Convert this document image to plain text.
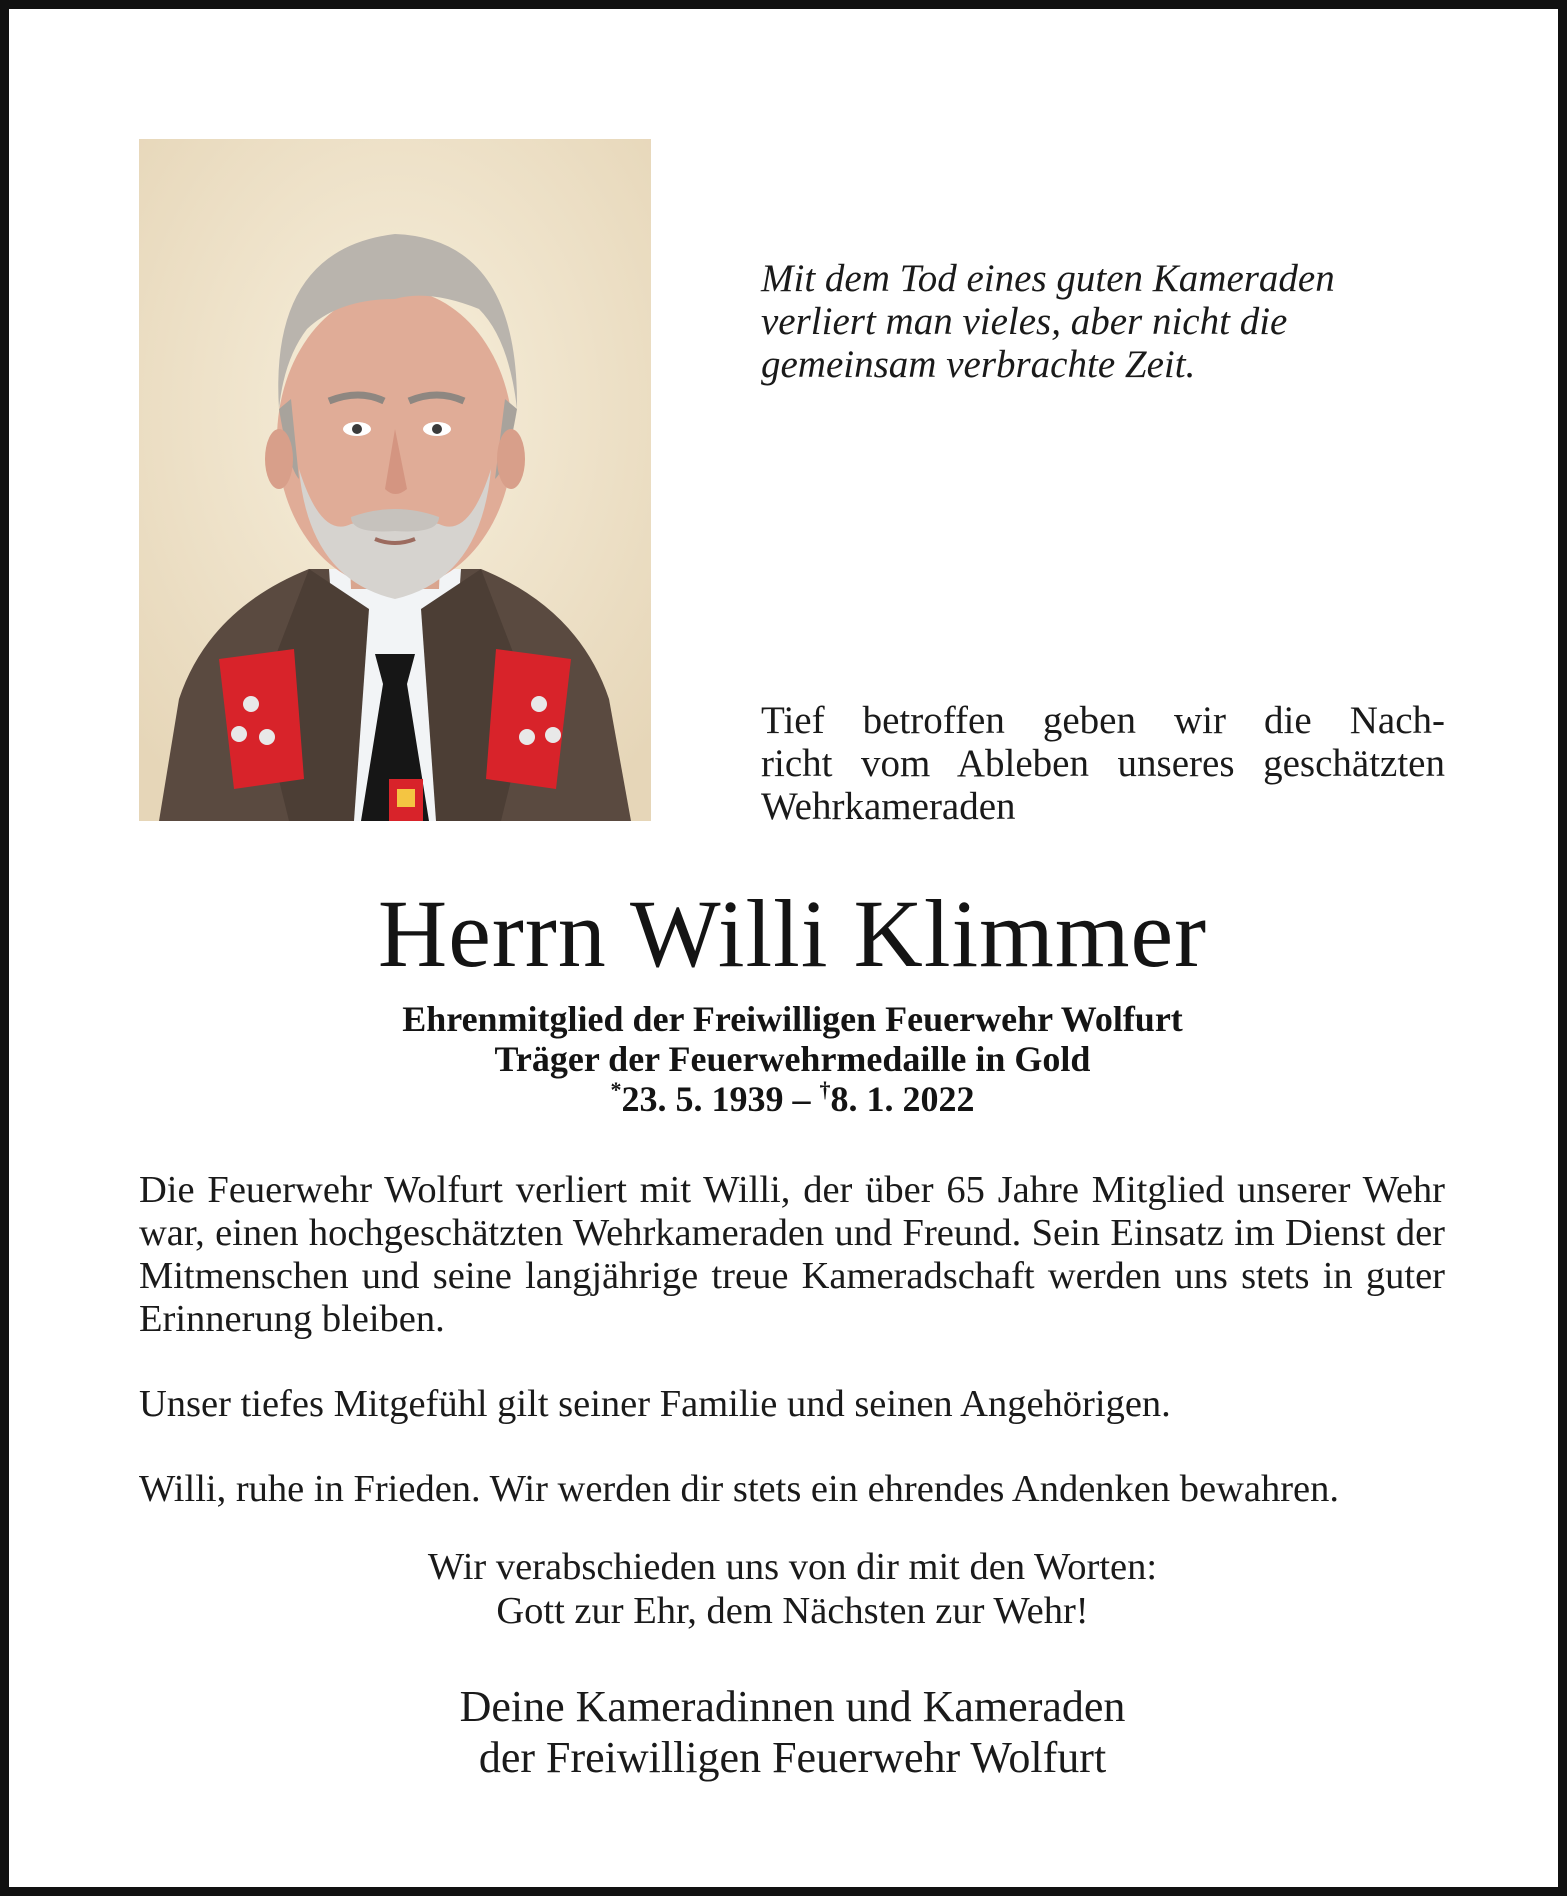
Mit dem Tod eines guten Kameraden
verliert man vieles, aber nicht die
gemeinsam verbrachte Zeit.
Tief betroffen geben wir die Nach-
richt vom Ableben unseres geschätzten
Wehrkameraden
Herrn Willi Klimmer
Ehrenmitglied der Freiwilligen Feuerwehr Wolfurt
Träger der Feuerwehrmedaille in Gold
*23. 5. 1939 – †8. 1. 2022

Die Feuerwehr Wolfurt verliert mit Willi, der über 65 Jahre Mitglied unserer Wehr war, einen hochgeschätzten Wehrkameraden und Freund. Sein Einsatz im Dienst der Mitmenschen und seine langjährige treue Kameradschaft werden uns stets in guter Erinnerung bleiben.

Unser tiefes Mitgefühl gilt seiner Familie und seinen Angehörigen.

Willi, ruhe in Frieden. Wir werden dir stets ein ehrendes Andenken bewahren.

Wir verabschieden uns von dir mit den Worten:
Gott zur Ehr, dem Nächsten zur Wehr!
Deine Kameradinnen und Kameraden
der Freiwilligen Feuerwehr Wolfurt
